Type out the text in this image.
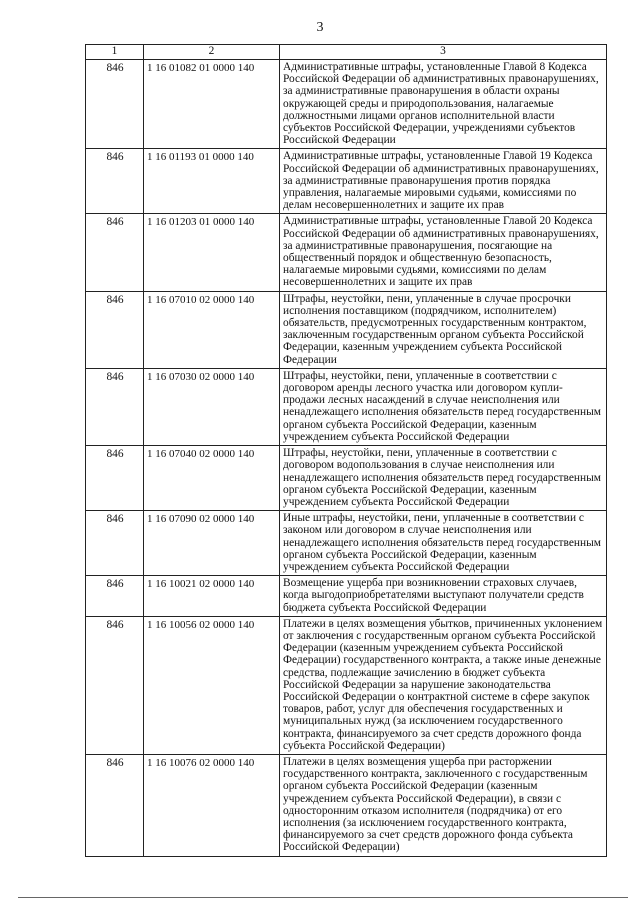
3
1	2	3
846	1 16 01082 01 0000 140	Административные штрафы, установленные Главой 8 Кодекса Российской Федерации об административных правонарушениях, за административные правонарушения в области охраны окружающей среды и природопользования, налагаемые должностными лицами органов исполнительной власти субъектов Российской Федерации, учреждениями субъектов Российской Федерации
846	1 16 01193 01 0000 140	Административные штрафы, установленные Главой 19 Кодекса Российской Федерации об административных правонарушениях, за административные правонарушения против порядка управления, налагаемые мировыми судьями, комиссиями по делам несовершеннолетних и защите их прав
846	1 16 01203 01 0000 140	Административные штрафы, установленные Главой 20 Кодекса Российской Федерации об административных правонарушениях, за административные правонарушения, посягающие на общественный порядок и общественную безопасность, налагаемые мировыми судьями, комиссиями по делам несовершеннолетних и защите их прав
846	1 16 07010 02 0000 140	Штрафы, неустойки, пени, уплаченные в случае просрочки исполнения поставщиком (подрядчиком, исполнителем) обязательств, предусмотренных государственным контрактом, заключенным государственным органом субъекта Российской Федерации, казенным учреждением субъекта Российской Федерации
846	1 16 07030 02 0000 140	Штрафы, неустойки, пени, уплаченные в соответствии с договором аренды лесного участка или договором купли-продажи лесных насаждений в случае неисполнения или ненадлежащего исполнения обязательств перед государственным органом субъекта Российской Федерации, казенным учреждением субъекта Российской Федерации
846	1 16 07040 02 0000 140	Штрафы, неустойки, пени, уплаченные в соответствии с договором водопользования в случае неисполнения или ненадлежащего исполнения обязательств перед государственным органом субъекта Российской Федерации, казенным учреждением субъекта Российской Федерации
846	1 16 07090 02 0000 140	Иные штрафы, неустойки, пени, уплаченные в соответствии с законом или договором в случае неисполнения или ненадлежащего исполнения обязательств перед государственным органом субъекта Российской Федерации, казенным учреждением субъекта Российской Федерации
846	1 16 10021 02 0000 140	Возмещение ущерба при возникновении страховых случаев, когда выгодоприобретателями выступают получатели средств бюджета субъекта Российской Федерации
846	1 16 10056 02 0000 140	Платежи в целях возмещения убытков, причиненных уклонением от заключения с государственным органом субъекта Российской Федерации (казенным учреждением субъекта Российской Федерации) государственного контракта, а также иные денежные средства, подлежащие зачислению в бюджет субъекта Российской Федерации за нарушение законодательства Российской Федерации о контрактной системе в сфере закупок товаров, работ, услуг для обеспечения государственных и муниципальных нужд (за исключением государственного контракта, финансируемого за счет средств дорожного фонда субъекта Российской Федерации)
846	1 16 10076 02 0000 140	Платежи в целях возмещения ущерба при расторжении государственного контракта, заключенного с государственным органом субъекта Российской Федерации (казенным учреждением субъекта Российской Федерации), в связи с односторонним отказом исполнителя (подрядчика) от его исполнения (за исключением государственного контракта, финансируемого за счет средств дорожного фонда субъекта Российской Федерации)
